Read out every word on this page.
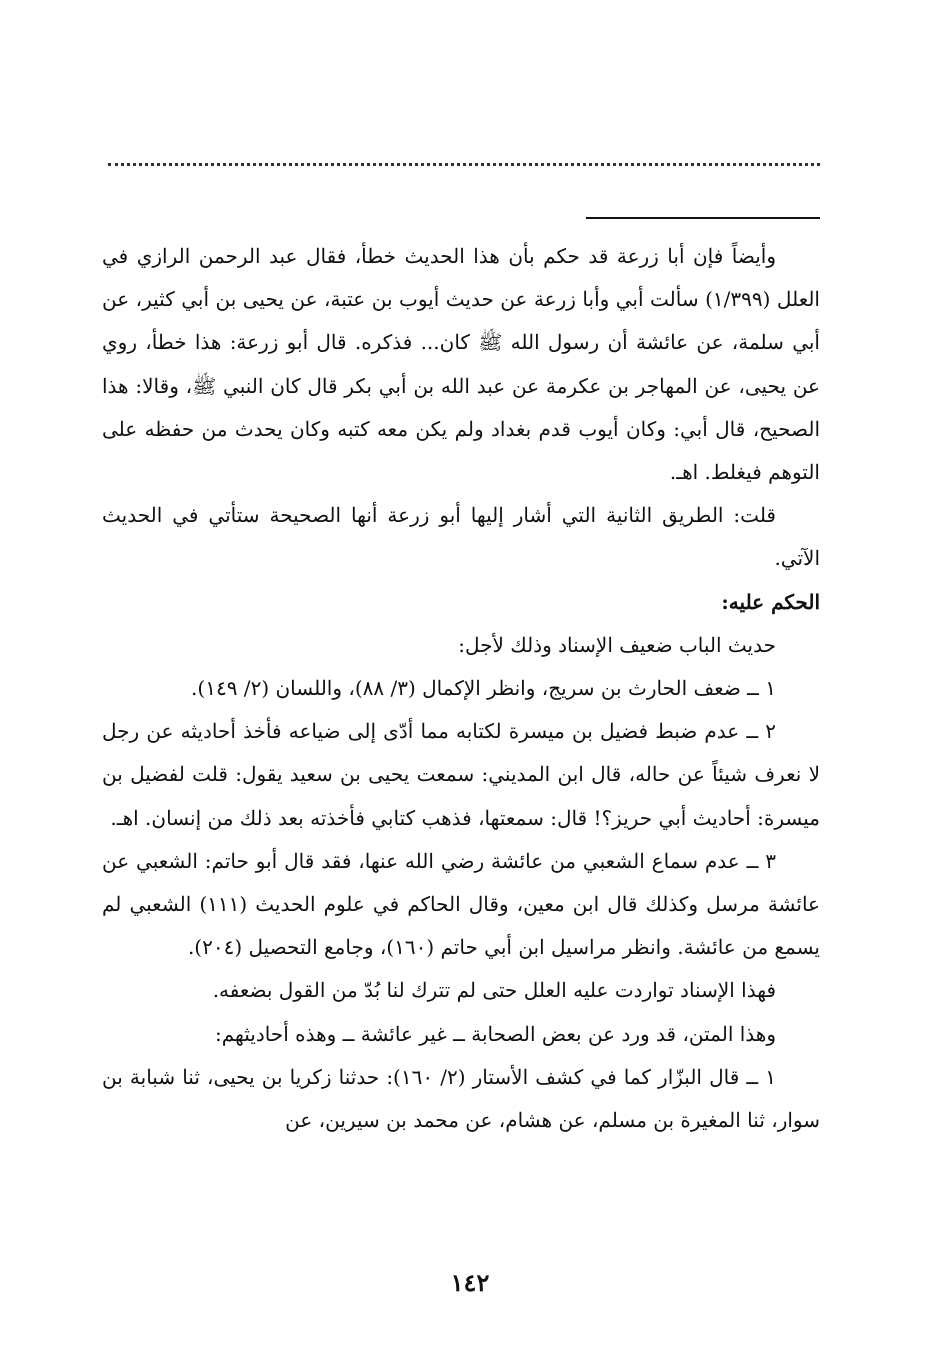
وأيضاً فإن أبا زرعة قد حكم بأن هذا الحديث خطأ، فقال عبد الرحمن الرازي في العلل (١/٣٩٩) سألت أبي وأبا زرعة عن حديث أيوب بن عتبة، عن يحيى بن أبي كثير، عن أبي سلمة، عن عائشة أن رسول الله ﷺ كان... فذكره. قال أبو زرعة: هذا خطأ، روي عن يحيى، عن المهاجر بن عكرمة عن عبد الله بن أبي بكر قال كان النبي ﷺ، وقالا: هذا الصحيح، قال أبي: وكان أيوب قدم بغداد ولم يكن معه كتبه وكان يحدث من حفظه على التوهم فيغلط. اهـ.

قلت: الطريق الثانية التي أشار إليها أبو زرعة أنها الصحيحة ستأتي في الحديث الآتي.

الحكم عليه:

حديث الباب ضعيف الإسناد وذلك لأجل:

١ ــ ضعف الحارث بن سريج، وانظر الإكمال (٣/ ٨٨)، واللسان (٢/ ١٤٩).

٢ ــ عدم ضبط فضيل بن ميسرة لكتابه مما أدّى إلى ضياعه فأخذ أحاديثه عن رجل لا نعرف شيئاً عن حاله، قال ابن المديني: سمعت يحيى بن سعيد يقول: قلت لفضيل بن ميسرة: أحاديث أبي حريز؟! قال: سمعتها، فذهب كتابي فأخذته بعد ذلك من إنسان. اهـ.

٣ ــ عدم سماع الشعبي من عائشة رضي الله عنها، فقد قال أبو حاتم: الشعبي عن عائشة مرسل وكذلك قال ابن معين، وقال الحاكم في علوم الحديث (١١١) الشعبي لم يسمع من عائشة. وانظر مراسيل ابن أبي حاتم (١٦٠)، وجامع التحصيل (٢٠٤).

فهذا الإسناد تواردت عليه العلل حتى لم تترك لنا بُدّ من القول بضعفه.

وهذا المتن، قد ورد عن بعض الصحابة ــ غير عائشة ــ وهذه أحاديثهم:

١ ــ قال البزّار كما في كشف الأستار (٢/ ١٦٠): حدثنا زكريا بن يحيى، ثنا شبابة بن سوار، ثنا المغيرة بن مسلم، عن هشام، عن محمد بن سيرين، عن

١٤٢
